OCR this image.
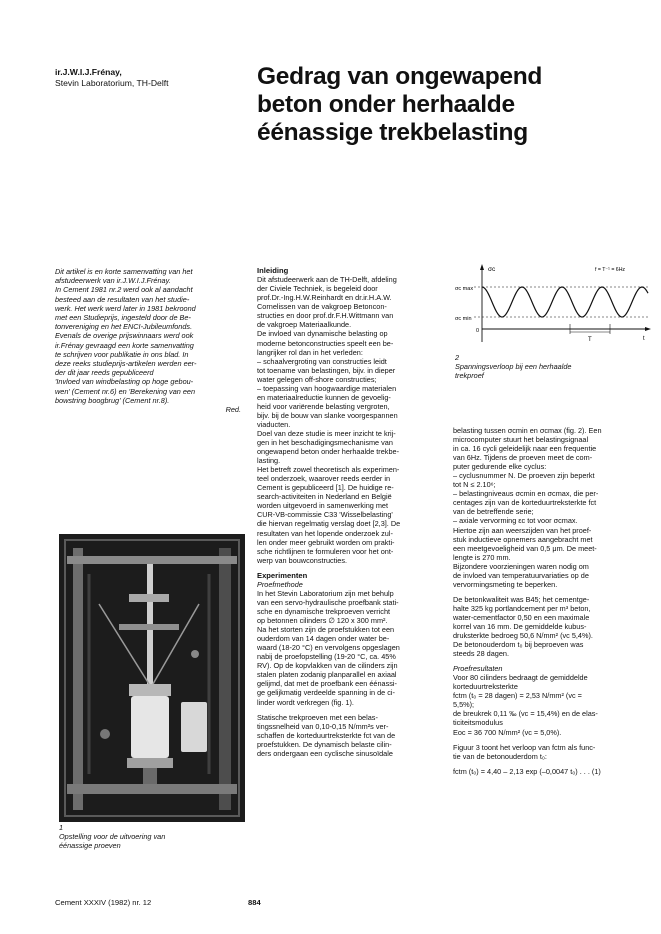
ir.J.W.I.J.Frénay,
Stevin Laboratorium, TH-Delft	Gedrag van ongewapend
beton onder herhaalde
éénassige trekbelasting

Dit artikel is en korte samenvatting van het
afstudeerwerk van ir.J.W.I.J.Frénay.
In Cement 1981 nr.2 werd ook al aandacht
besteed aan de resultaten van het studie-
werk. Het werk werd later in 1981 bekroond
met een Studieprijs, ingesteld door de Be-
tonvereniging en het ENCI-Jubileumfonds.
Evenals de overige prijswinnaars werd ook
ir.Frénay gevraagd een korte samenvatting
te schrijven voor publikatie in ons blad. In
deze reeks studieprijs-artikelen werden eer-
der dit jaar reeds gepubliceerd
'Invloed van windbelasting op hoge gebou-
wen' (Cement nr.6) en 'Berekening van een
bowstring boogbrug' (Cement nr.8).

Red.

1

Opstelling voor de uitvoering van

éénassige proeven

Inleiding

Dit afstudeerwerk aan de TH-Delft, afdeling
der Civiele Techniek, is begeleid door
prof.Dr.-Ing.H.W.Reinhardt en dr.ir.H.A.W.
Cornelissen van de vakgroep Betoncon-
structies en door prof.dr.F.H.Wittmann van
de vakgroep Materiaalkunde.
De invloed van dynamische belasting op
moderne betonconstructies speelt een be-
langrijker rol dan in het verleden:
– schaalvergroting van constructies leidt
tot toename van belastingen, bijv. in dieper
water gelegen off-shore constructies;
– toepassing van hoogwaardige materialen
en materiaalreductie kunnen de gevoelig-
heid voor variërende belasting vergroten,
bijv. bij de bouw van slanke voorgespannen
viaducten.
Doel van deze studie is meer inzicht te krij-
gen in het beschadigingsmechanisme van
ongewapend beton onder herhaalde trekbe-
lasting.
Het betreft zowel theoretisch als experimen-
teel onderzoek, waarover reeds eerder in
Cement is gepubliceerd [1]. De huidige re-
search-activiteiten in Nederland en België
worden uitgevoerd in samenwerking met
CUR-VB-commissie C33 'Wisselbelasting'
die hiervan regelmatig verslag doet [2,3]. De
resultaten van het lopende onderzoek zul-
len onder meer gebruikt worden om prakti-
sche richtlijnen te formuleren voor het ont-
werp van bouwconstructies.

Experimenten

Proefmethode

In het Stevin Laboratorium zijn met behulp
van een servo-hydraulische proefbank stati-
sche en dynamische trekproeven verricht
op betonnen cilinders ∅ 120 x 300 mm².
Na het storten zijn de proefstukken tot een
ouderdom van 14 dagen onder water be-
waard (18-20 °C) en vervolgens opgeslagen
nabij de proefopstelling (19-20 °C, ca. 45%
RV). Op de kopvlakken van de cilinders zijn
stalen platen zodanig planparallel en axiaal
gelijmd, dat met de proefbank een éénassi-
ge gelijkmatig verdeelde spanning in de ci-
linder wordt verkregen (fig. 1).

Statische trekproeven met een belas-
tingssnelheid van 0,10-0,15 N/mm²s ver-
schaffen de korteduurtreksterkte fct van de
proefstukken. De dynamisch belaste cilin-
ders ondergaan een cyclische sinusoïdale

σc
σc max
σc min
0
t
T
f = T⁻¹ = 6Hz

2

Spanningsverloop bij een herhaalde

trekproef

belasting tussen σcmin en σcmax (fig. 2). Een
microcomputer stuurt het belastingsignaal
in ca. 16 cycli geleidelijk naar een frequentie
van 6Hz. Tijdens de proeven meet de com-
puter gedurende elke cyclus:
– cyclusnummer N. De proeven zijn beperkt
tot N ≤ 2.10⁶;
– belastingniveaus σcmin en σcmax, die per-
centages zijn van de korteduurtreksterkte fct
van de betreffende serie;
– axiale vervorming εc tot voor σcmax.
Hiertoe zijn aan weerszijden van het proef-
stuk inductieve opnemers aangebracht met
een meetgevoeligheid van 0,5 μm. De meet-
lengte is 270 mm.
Bijzondere voorzieningen waren nodig om
de invloed van temperatuurvariaties op de
vervormingsmeting te beperken.

De betonkwaliteit was B45; het cementge-
halte 325 kg portlandcement per m³ beton,
water-cementfactor 0,50 en een maximale
korrel van 16 mm. De gemiddelde kubus-
druksterkte bedroeg 50,6 N/mm² (vc 5,4%).
De betonouderdom t₀ bij beproeven was
steeds 28 dagen.

Proefresultaten

Voor 80 cilinders bedraagt de gemiddelde
korteduurtreksterkte
fctm (t₀ = 28 dagen) = 2,53 N/mm² (vc =
5,5%);
de breukrek 0,11 ‰ (vc = 15,4%) en de elas-
ticiteitsmodulus
Eoc = 36 700 N/mm² (vc = 5,0%).

Figuur 3 toont het verloop van fctm als func-
tie van de betonouderdom t₀:

fctm (t₀) = 4,40 – 2,13 exp (–0,0047 t₀) . . . (1)

Cement XXXIV (1982) nr. 12	884
